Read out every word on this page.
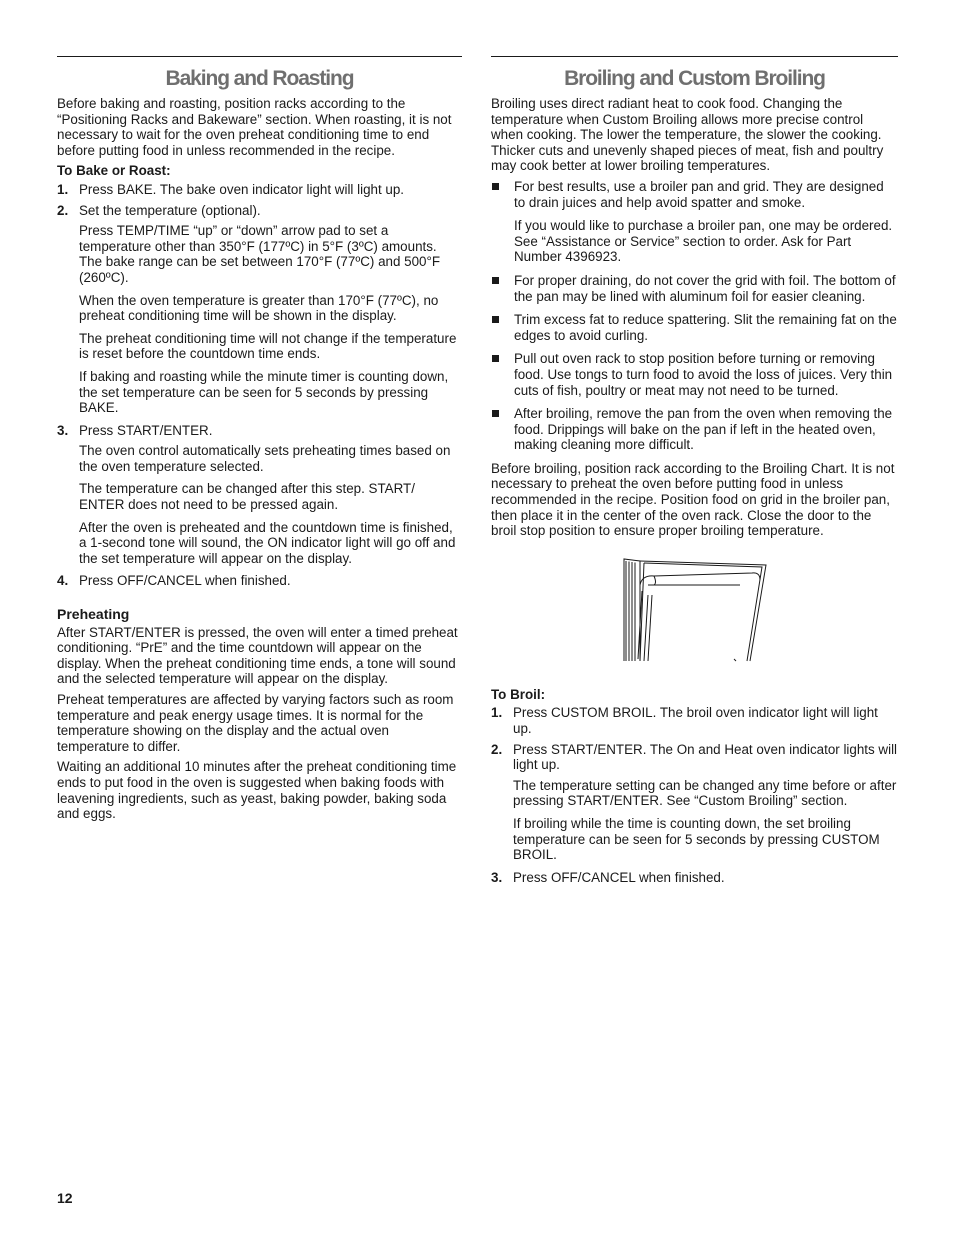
Baking and Roasting

Before baking and roasting, position racks according to the “Positioning Racks and Bakeware” section. When roasting, it is not necessary to wait for the oven preheat conditioning time to end before putting food in unless recommended in the recipe.

To Bake or Roast:

1. Press BAKE. The bake oven indicator light will light up.
2. Set the temperature (optional).

Press TEMP/TIME “up” or “down” arrow pad to set a temperature other than 350°F (177ºC) in 5°F (3ºC) amounts. The bake range can be set between 170°F (77ºC) and 500°F (260ºC).

When the oven temperature is greater than 170°F (77ºC), no preheat conditioning time will be shown in the display.

The preheat conditioning time will not change if the temperature is reset before the countdown time ends.

If baking and roasting while the minute timer is counting down, the set temperature can be seen for 5 seconds by pressing BAKE.

3. Press START/ENTER.

The oven control automatically sets preheating times based on the oven temperature selected.

The temperature can be changed after this step. START/ ENTER does not need to be pressed again.

After the oven is preheated and the countdown time is finished, a 1-second tone will sound, the ON indicator light will go off and the set temperature will appear on the display.

4. Press OFF/CANCEL when finished.
Preheating

After START/ENTER is pressed, the oven will enter a timed preheat conditioning. “PrE” and the time countdown will appear on the display. When the preheat conditioning time ends, a tone will sound and the selected temperature will appear on the display.

Preheat temperatures are affected by varying factors such as room temperature and peak energy usage times. It is normal for the temperature showing on the display and the actual oven temperature to differ.

Waiting an additional 10 minutes after the preheat conditioning time ends to put food in the oven is suggested when baking foods with leavening ingredients, such as yeast, baking powder, baking soda and eggs.

Broiling and Custom Broiling

Broiling uses direct radiant heat to cook food. Changing the temperature when Custom Broiling allows more precise control when cooking. The lower the temperature, the slower the cooking. Thicker cuts and unevenly shaped pieces of meat, fish and poultry may cook better at lower broiling temperatures.

For best results, use a broiler pan and grid. They are designed to drain juices and help avoid spatter and smoke.
If you would like to purchase a broiler pan, one may be ordered. See “Assistance or Service” section to order. Ask for Part Number 4396923.
For proper draining, do not cover the grid with foil. The bottom of the pan may be lined with aluminum foil for easier cleaning.
Trim excess fat to reduce spattering. Slit the remaining fat on the edges to avoid curling.
Pull out oven rack to stop position before turning or removing food. Use tongs to turn food to avoid the loss of juices. Very thin cuts of fish, poultry or meat may not need to be turned.
After broiling, remove the pan from the oven when removing the food. Drippings will bake on the pan if left in the heated oven, making cleaning more difficult.

Before broiling, position rack according to the Broiling Chart. It is not necessary to preheat the oven before putting food in unless recommended in the recipe. Position food on grid in the broiler pan, then place it in the center of the oven rack. Close the door to the broil stop position to ensure proper broiling temperature.

To Broil:

1. Press CUSTOM BROIL. The broil oven indicator light will light up.
2. Press START/ENTER. The On and Heat oven indicator lights will light up.

The temperature setting can be changed any time before or after pressing START/ENTER. See “Custom Broiling” section.

If broiling while the time is counting down, the set broiling temperature can be seen for 5 seconds by pressing CUSTOM BROIL.

3. Press OFF/CANCEL when finished.
12
